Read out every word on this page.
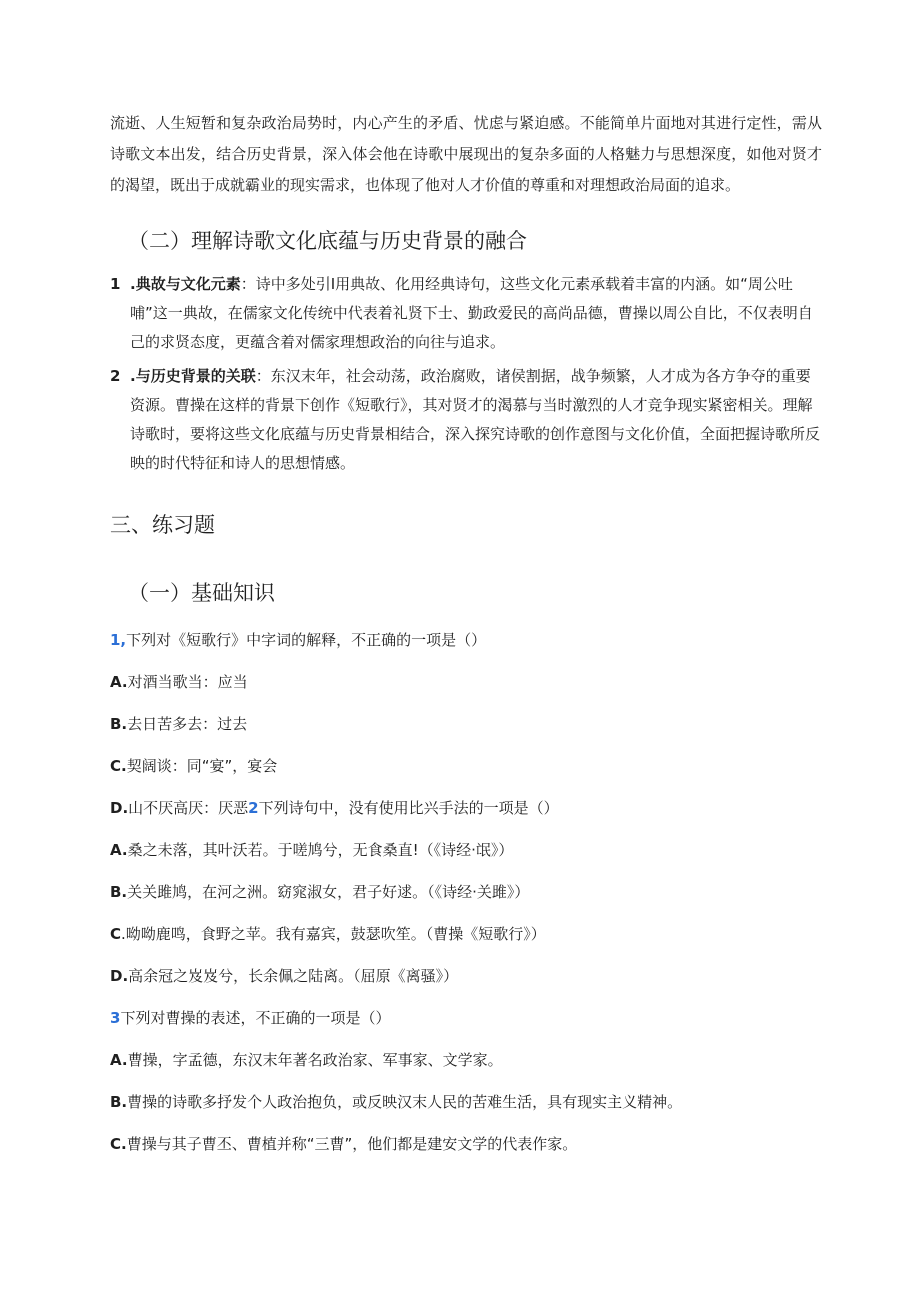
流逝、人生短暂和复杂政治局势时，内心产生的矛盾、忧虑与紧迫感。不能简单片面地对其进行定性，需从诗歌文本出发，结合历史背景，深入体会他在诗歌中展现出的复杂多面的人格魅力与思想深度，如他对贤才的渴望，既出于成就霸业的现实需求，也体现了他对人才价值的尊重和对理想政治局面的追求。

（二）理解诗歌文化底蕴与历史背景的融合
1 .典故与文化元素：诗中多处引I用典故、化用经典诗句，这些文化元素承载着丰富的内涵。如“周公吐哺”这一典故，在儒家文化传统中代表着礼贤下士、勤政爱民的高尚品德，曹操以周公自比，不仅表明自己的求贤态度，更蕴含着对儒家理想政治的向往与追求。
2 .与历史背景的关联：东汉末年，社会动荡，政治腐败，诸侯割据，战争频繁，人才成为各方争夺的重要资源。曹操在这样的背景下创作《短歌行》，其对贤才的渴慕与当时激烈的人才竞争现实紧密相关。理解诗歌时，要将这些文化底蕴与历史背景相结合，深入探究诗歌的创作意图与文化价值，全面把握诗歌所反映的时代特征和诗人的思想情感。
三、练习题
（一）基础知识
1,下列对《短歌行》中字词的解释，不正确的一项是（）
A.对酒当歌当：应当
B.去日苦多去：过去
C.契阔谈：同“宴”，宴会
D.山不厌高厌：厌恶2下列诗句中，没有使用比兴手法的一项是（）
A.桑之未落，其叶沃若。于嗟鸠兮，无食桑直!（《诗经·氓》）
B.关关雎鸠，在河之洲。窈窕淑女，君子好逑。（《诗经·关雎》）
C.呦呦鹿鸣，食野之苹。我有嘉宾，鼓瑟吹笙。（曹操《短歌行》）
D.高余冠之岌岌兮，长余佩之陆离。（屈原《离骚》）
3下列对曹操的表述，不正确的一项是（）
A.曹操，字孟德，东汉末年著名政治家、军事家、文学家。
B.曹操的诗歌多抒发个人政治抱负，或反映汉末人民的苦难生活，具有现实主义精神。
C.曹操与其子曹丕、曹植并称“三曹”，他们都是建安文学的代表作家。
